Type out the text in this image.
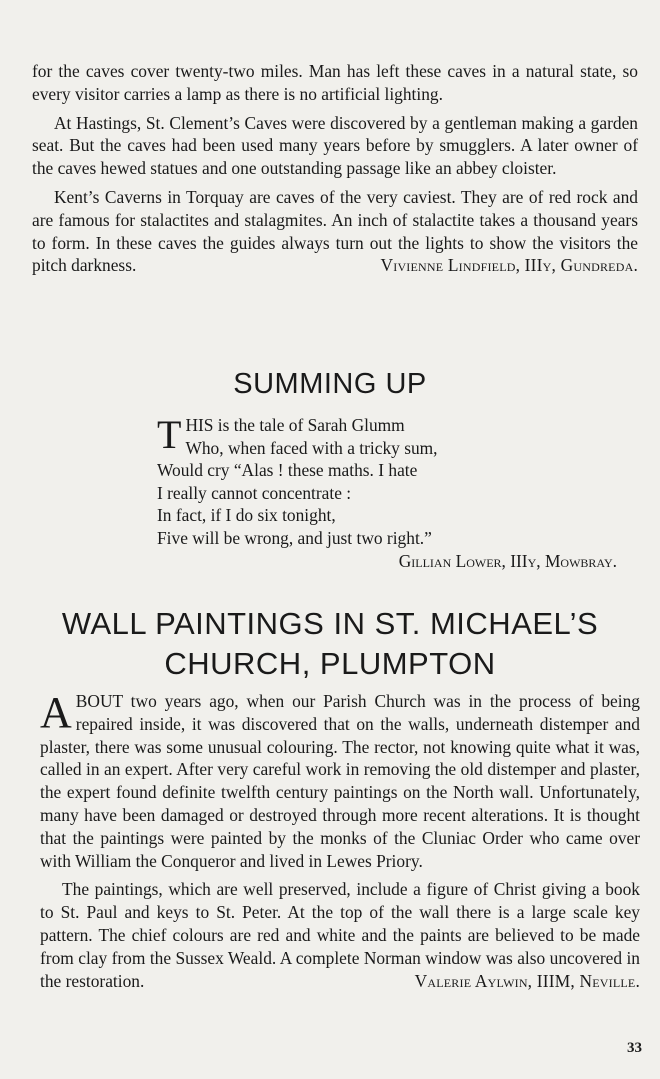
for the caves cover twenty-two miles. Man has left these caves in a natural state, so every visitor carries a lamp as there is no artificial lighting.

At Hastings, St. Clement’s Caves were discovered by a gentleman making a garden seat. But the caves had been used many years before by smugglers. A later owner of the caves hewed statues and one outstanding passage like an abbey cloister.

Kent’s Caverns in Torquay are caves of the very caviest. They are of red rock and are famous for stalactites and stalagmites. An inch of stalactite takes a thousand years to form. In these caves the guides always turn out the lights to show the visitors the pitch darkness.	Vivienne Lindfield, IIIy, Gundreda.

SUMMING UP
T HIS is the tale of Sarah Glumm
Who, when faced with a tricky sum,
Would cry “Alas ! these maths. I hate
I really cannot concentrate :
In fact, if I do six tonight,
Five will be wrong, and just two right.”
Gillian Lower, IIIy, Mowbray.
WALL PAINTINGS IN ST. MICHAEL’S
CHURCH, PLUMPTON

ABOUT two years ago, when our Parish Church was in the process of being repaired inside, it was discovered that on the walls, underneath distemper and plaster, there was some unusual colouring. The rector, not knowing quite what it was, called in an expert. After very careful work in removing the old distemper and plaster, the expert found definite twelfth century paintings on the North wall. Unfortunately, many have been damaged or destroyed through more recent alterations. It is thought that the paintings were painted by the monks of the Cluniac Order who came over with William the Conqueror and lived in Lewes Priory.

The paintings, which are well preserved, include a figure of Christ giving a book to St. Paul and keys to St. Peter. At the top of the wall there is a large scale key pattern. The chief colours are red and white and the paints are believed to be made from clay from the Sussex Weald. A complete Norman window was also uncovered in the restoration.	Valerie Aylwin, IIIM, Neville.

33
